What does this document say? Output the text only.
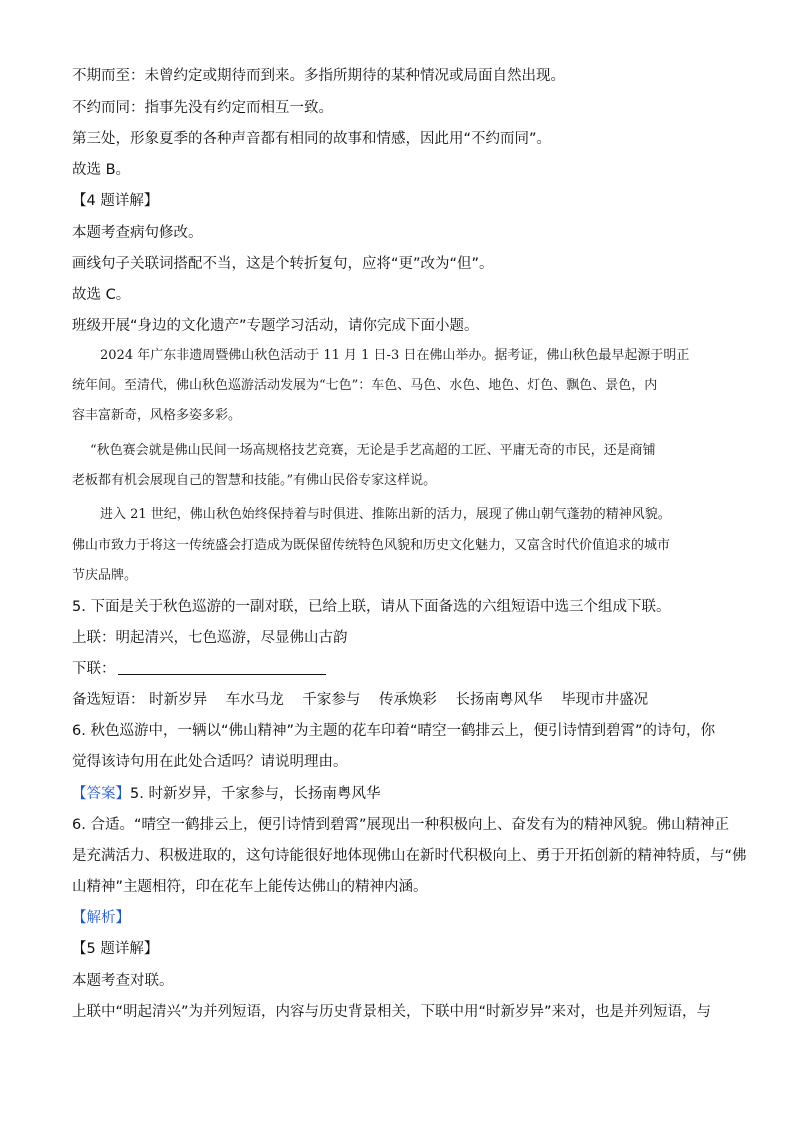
不期而至：未曾约定或期待而到来。多指所期待的某种情况或局面自然出现。
不约而同：指事先没有约定而相互一致。
第三处，形象夏季的各种声音都有相同的故事和情感，因此用“不约而同”。
故选 B。
【4 题详解】
本题考查病句修改。
画线句子关联词搭配不当，这是个转折复句，应将“更”改为“但”。
故选 C。
班级开展“身边的文化遗产”专题学习活动，请你完成下面小题。
2024 年广东非遗周暨佛山秋色活动于 11 月 1 日-3 日在佛山举办。据考证，佛山秋色最早起源于明正
统年间。至清代，佛山秋色巡游活动发展为“七色”：车色、马色、水色、地色、灯色、飘色、景色，内
容丰富新奇，风格多姿多彩。
“秋色赛会就是佛山民间一场高规格技艺竞赛，无论是手艺高超的工匠、平庸无奇的市民，还是商铺
老板都有机会展现自己的智慧和技能。”有佛山民俗专家这样说。
进入 21 世纪，佛山秋色始终保持着与时俱进、推陈出新的活力，展现了佛山朝气蓬勃的精神风貌。
佛山市致力于将这一传统盛会打造成为既保留传统特色风貌和历史文化魅力，又富含时代价值追求的城市
节庆品牌。
5. 下面是关于秋色巡游的一副对联，已给上联，请从下面备选的六组短语中选三个组成下联。
上联：明起清兴，七色巡游，尽显佛山古韵
下联：
备选短语： 时新岁异 车水马龙 千家参与 传承焕彩 长扬南粤风华 毕现市井盛况
6. 秋色巡游中，一辆以“佛山精神”为主题的花车印着“晴空一鹤排云上，便引诗情到碧霄”的诗句，你
觉得该诗句用在此处合适吗？请说明理由。
【答案】5. 时新岁异，千家参与，长扬南粤风华
6. 合适。“晴空一鹤排云上，便引诗情到碧霄”展现出一种积极向上、奋发有为的精神风貌。佛山精神正
是充满活力、积极进取的，这句诗能很好地体现佛山在新时代积极向上、勇于开拓创新的精神特质，与“佛
山精神”主题相符，印在花车上能传达佛山的精神内涵。
【解析】
【5 题详解】
本题考查对联。
上联中“明起清兴”为并列短语，内容与历史背景相关，下联中用“时新岁异”来对，也是并列短语，与
